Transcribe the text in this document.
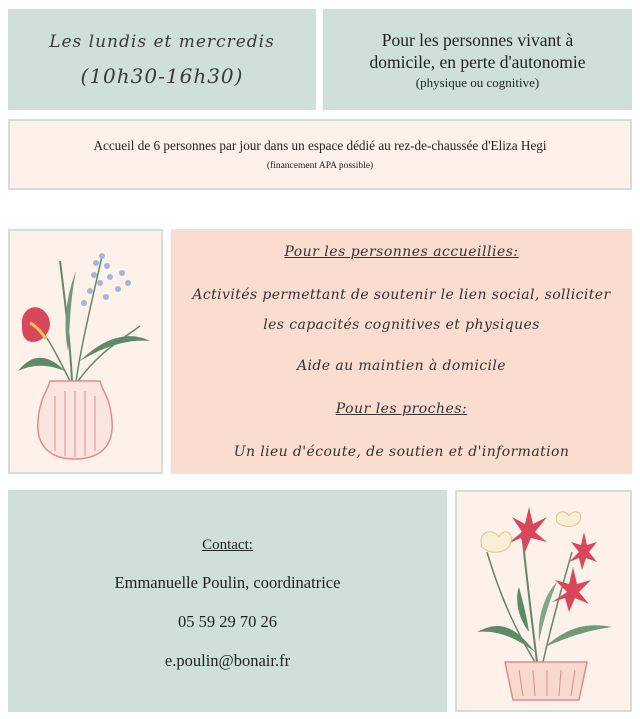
Les lundis et mercredis
(10h30-16h30)
Pour les personnes vivant à
domicile, en perte d'autonomie
(physique ou cognitive)
Accueil de 6 personnes par jour dans un espace dédié au rez-de-chaussée d'Eliza Hegi
(financement APA possible)
Pour les personnes accueillies:
Activités permettant de soutenir le lien social, solliciter
les capacités cognitives et physiques
Aide au maintien à domicile
Pour les proches:
Un lieu d'écoute, de soutien et d'information
Contact:
Emmanuelle Poulin, coordinatrice
05 59 29 70 26
e.poulin@bonair.fr
